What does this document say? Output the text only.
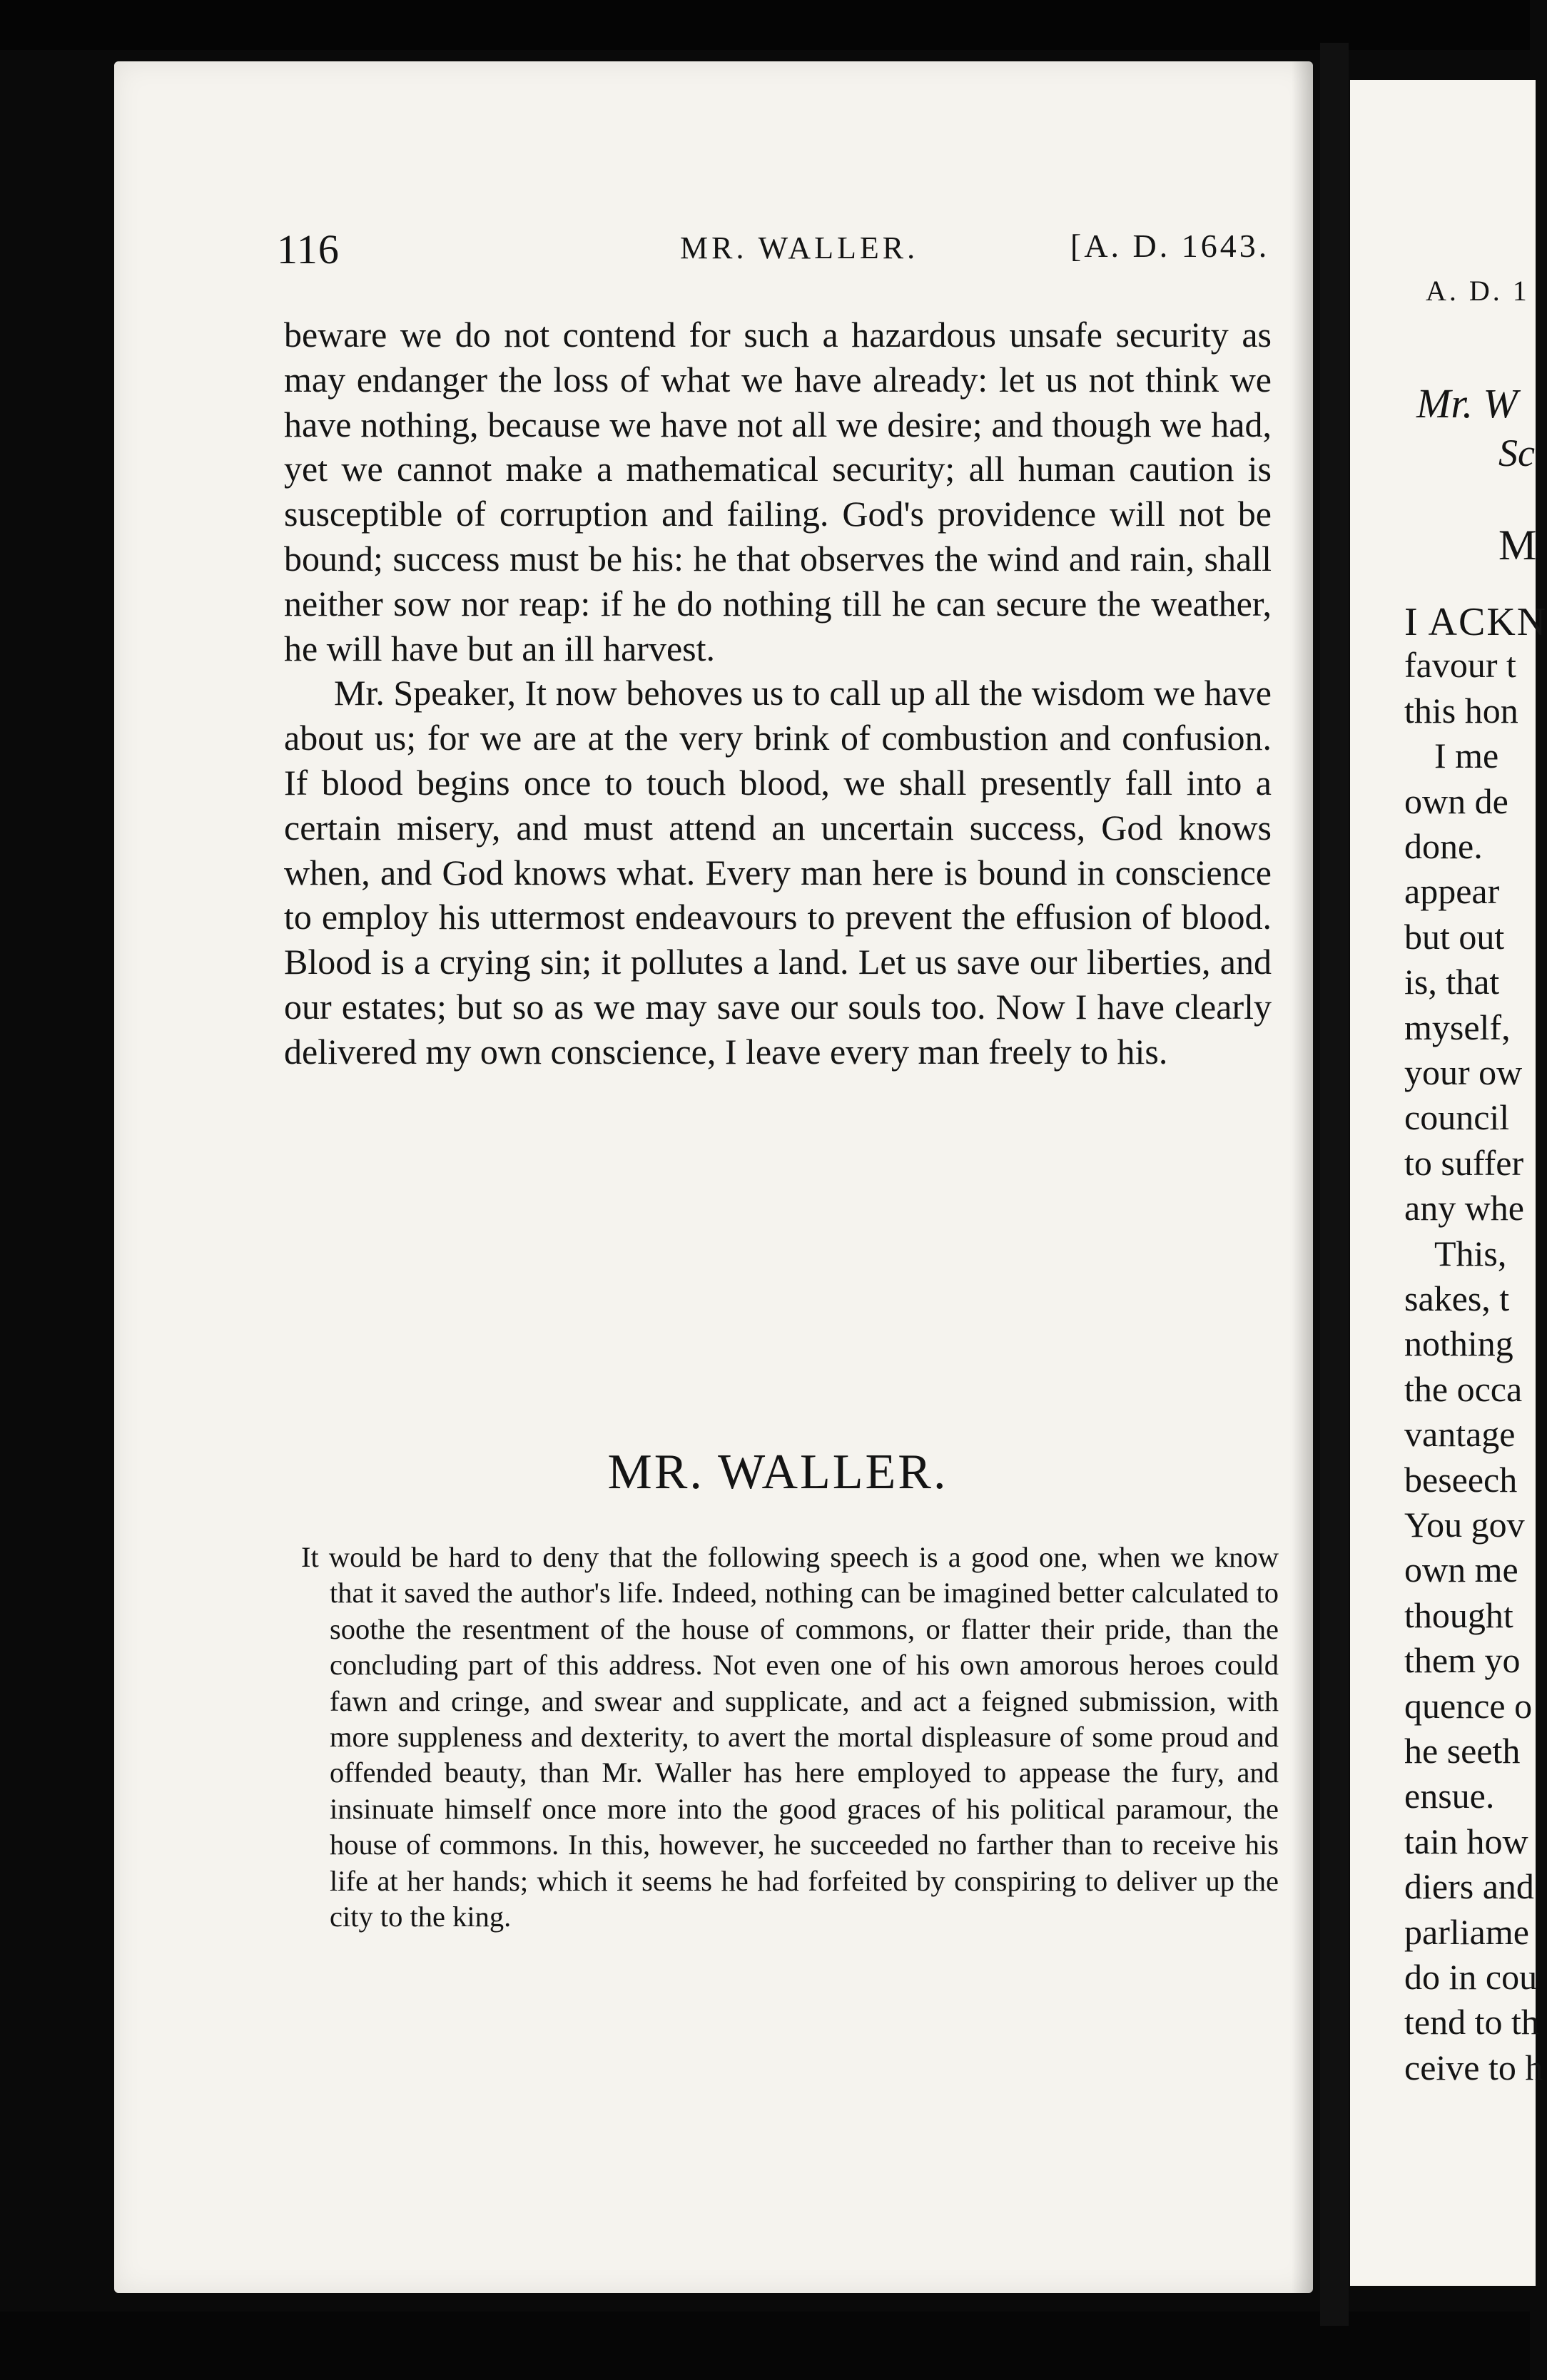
116	MR. WALLER.	[A. D. 1643.

beware we do not contend for such a hazardous unsafe security as may endanger the loss of what we have already: let us not think we have nothing, because we have not all we desire; and though we had, yet we cannot make a mathematical security; all human caution is susceptible of corruption and failing. God's providence will not be bound; success must be his: he that observes the wind and rain, shall neither sow nor reap: if he do nothing till he can secure the weather, he will have but an ill harvest.

Mr. Speaker, It now behoves us to call up all the wisdom we have about us; for we are at the very brink of combustion and confusion. If blood begins once to touch blood, we shall presently fall into a certain misery, and must attend an uncertain success, God knows when, and God knows what. Every man here is bound in conscience to employ his uttermost endeavours to prevent the effusion of blood. Blood is a crying sin; it pollutes a land. Let us save our liberties, and our estates; but so as we may save our souls too. Now I have clearly delivered my own conscience, I leave every man freely to his.

MR. WALLER.

It would be hard to deny that the following speech is a good one, when we know that it saved the author's life. Indeed, nothing can be imagined better calculated to soothe the resentment of the house of commons, or flatter their pride, than the concluding part of this address. Not even one of his own amorous heroes could fawn and cringe, and swear and supplicate, and act a feigned submission, with more suppleness and dexterity, to avert the mortal displeasure of some proud and offended beauty, than Mr. Waller has here employed to appease the fury, and insinuate himself once more into the good graces of his political paramour, the house of commons. In this, however, he succeeded no farther than to receive his life at her hands; which it seems he had forfeited by conspiring to deliver up the city to the king.

A. D. 1
Mr. W
Sc
M
I ACKN
favour t
this hon
I me
own de
done.
appear
but out
is, that
myself,
your ow
council
to suffer
any whe
This,
sakes, t
nothing
the occa
vantage
beseech
You gov
own me
thought
them yo
quence o
he seeth
ensue.
tain how
diers and
parliame
do in cou
tend to th
ceive to h
